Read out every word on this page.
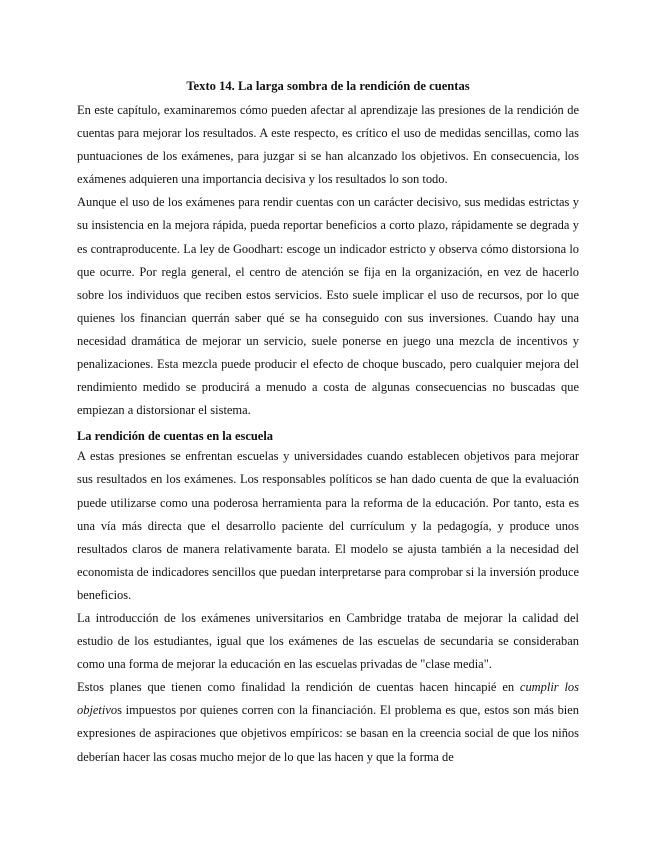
Texto 14. La larga sombra de la rendición de cuentas

En este capítulo, examinaremos cómo pueden afectar al aprendizaje las presiones de la rendición de cuentas para mejorar los resultados. A este respecto, es crítico el uso de medidas sencillas, como las puntuaciones de los exámenes, para juzgar si se han alcanzado los objetivos. En consecuencia, los exámenes adquieren una importancia decisiva y los resultados lo son todo.

Aunque el uso de los exámenes para rendir cuentas con un carácter decisivo, sus medidas estrictas y su insistencia en la mejora rápida, pueda reportar beneficios a corto plazo, rápidamente se degrada y es contraproducente. La ley de Goodhart: escoge un indicador estricto y observa cómo distorsiona lo que ocurre. Por regla general, el centro de atención se fija en la organización, en vez de hacerlo sobre los individuos que reciben estos servicios. Esto suele implicar el uso de recursos, por lo que quienes los financian querrán saber qué se ha conseguido con sus inversiones. Cuando hay una necesidad dramática de mejorar un servicio, suele ponerse en juego una mezcla de incentivos y penalizaciones. Esta mezcla puede producir el efecto de choque buscado, pero cualquier mejora del rendimiento medido se producirá a menudo a costa de algunas consecuencias no buscadas que empiezan a distorsionar el sistema.

La rendición de cuentas en la escuela

A estas presiones se enfrentan escuelas y universidades cuando establecen objetivos para mejorar sus resultados en los exámenes. Los responsables políticos se han dado cuenta de que la evaluación puede utilizarse como una poderosa herramienta para la reforma de la educación. Por tanto, esta es una vía más directa que el desarrollo paciente del currículum y la pedagogía, y produce unos resultados claros de manera relativamente barata. El modelo se ajusta también a la necesidad del economista de indicadores sencillos que puedan interpretarse para comprobar si la inversión produce beneficios.

La introducción de los exámenes universitarios en Cambridge trataba de mejorar la calidad del estudio de los estudiantes, igual que los exámenes de las escuelas de secundaria se consideraban como una forma de mejorar la educación en las escuelas privadas de "clase media".

Estos planes que tienen como finalidad la rendición de cuentas hacen hincapié en cumplir los objetivos impuestos por quienes corren con la financiación. El problema es que, estos son más bien expresiones de aspiraciones que objetivos empíricos: se basan en la creencia social de que los niños deberían hacer las cosas mucho mejor de lo que las hacen y que la forma de
